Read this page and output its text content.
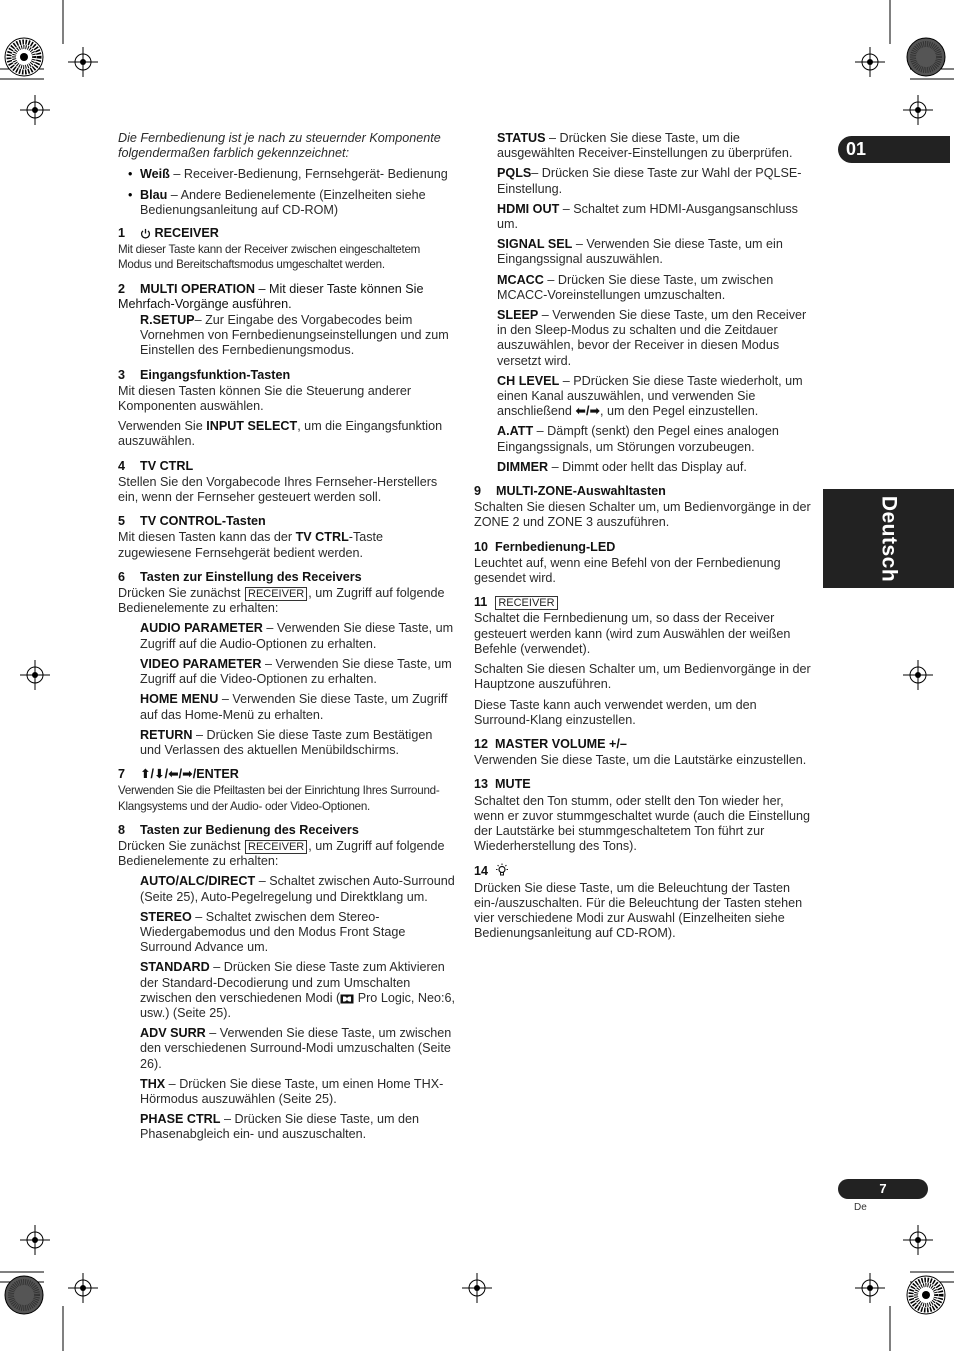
01
Deutsch
7
De

Die Fernbedienung ist je nach zu steuernder Komponente folgendermaßen farblich gekennzeichnet:

• Weiß – Receiver-Bedienung, Fernsehgerät- Bedienung
• Blau – Andere Bedienelemente (Einzelheiten siehe Bedienungsanleitung auf CD-ROM)
1 RECEIVER

Mit dieser Taste kann der Receiver zwischen eingeschaltetem Modus und Bereitschaftsmodus umgeschaltet werden.

2 MULTI OPERATION – Mit dieser Taste können Sie Mehrfach-Vorgänge ausführen.

R.SETUP– Zur Eingabe des Vorgabecodes beim Vornehmen von Fernbedienungseinstellungen und zum Einstellen des Fernbedienungsmodus.

3 Eingangsfunktion-Tasten

Mit diesen Tasten können Sie die Steuerung anderer Komponenten auswählen.

Verwenden Sie INPUT SELECT, um die Eingangsfunktion auszuwählen.

4 TV CTRL

Stellen Sie den Vorgabecode Ihres Fernseher-Herstellers ein, wenn der Fernseher gesteuert werden soll.

5 TV CONTROL-Tasten

Mit diesen Tasten kann das der TV CTRL-Taste zugewiesene Fernsehgerät bedient werden.

6 Tasten zur Einstellung des Receivers

Drücken Sie zunächst RECEIVER , um Zugriff auf folgende Bedienelemente zu erhalten:

AUDIO PARAMETER – Verwenden Sie diese Taste, um Zugriff auf die Audio-Optionen zu erhalten.

VIDEO PARAMETER – Verwenden Sie diese Taste, um Zugriff auf die Video-Optionen zu erhalten.

HOME MENU – Verwenden Sie diese Taste, um Zugriff auf das Home-Menü zu erhalten.

RETURN – Drücken Sie diese Taste zum Bestätigen und Verlassen des aktuellen Menübildschirms.

7 ⬆/⬇/⬅/➡/ENTER

Verwenden Sie die Pfeiltasten bei der Einrichtung Ihres Surround-Klangsystems und der Audio- oder Video-Optionen.

8 Tasten zur Bedienung des Receivers

Drücken Sie zunächst RECEIVER , um Zugriff auf folgende Bedienelemente zu erhalten:

AUTO/ALC/DIRECT – Schaltet zwischen Auto-Surround (Seite 25), Auto-Pegelregelung und Direktklang um.

STEREO – Schaltet zwischen dem Stereo-Wiedergabemodus und den Modus Front Stage Surround Advance um.

STANDARD – Drücken Sie diese Taste zum Aktivieren der Standard-Decodierung und zum Umschalten zwischen den verschiedenen Modi ( Pro Logic, Neo:6, usw.) (Seite 25).

ADV SURR – Verwenden Sie diese Taste, um zwischen den verschiedenen Surround-Modi umzuschalten (Seite 26).

THX – Drücken Sie diese Taste, um einen Home THX-Hörmodus auszuwählen (Seite 25).

PHASE CTRL – Drücken Sie diese Taste, um den Phasenabgleich ein- und auszuschalten.

STATUS – Drücken Sie diese Taste, um die ausgewählten Receiver-Einstellungen zu überprüfen.

PQLS– Drücken Sie diese Taste zur Wahl der PQLSE-Einstellung.

HDMI OUT – Schaltet zum HDMI-Ausgangsanschluss um.

SIGNAL SEL – Verwenden Sie diese Taste, um ein Eingangssignal auszuwählen.

MCACC – Drücken Sie diese Taste, um zwischen MCACC-Voreinstellungen umzuschalten.

SLEEP – Verwenden Sie diese Taste, um den Receiver in den Sleep-Modus zu schalten und die Zeitdauer auszuwählen, bevor der Receiver in diesen Modus versetzt wird.

CH LEVEL – PDrücken Sie diese Taste wiederholt, um einen Kanal auszuwählen, und verwenden Sie anschließend ⬅/➡, um den Pegel einzustellen.

A.ATT – Dämpft (senkt) den Pegel eines analogen Eingangssignals, um Störungen vorzubeugen.

DIMMER – Dimmt oder hellt das Display auf.

9 MULTI-ZONE-Auswahltasten

Schalten Sie diesen Schalter um, um Bedienvorgänge in der ZONE 2 und ZONE 3 auszuführen.

10 Fernbedienung-LED

Leuchtet auf, wenn eine Befehl von der Fernbedienung gesendet wird.

11 RECEIVER

Schaltet die Fernbedienung um, so dass der Receiver gesteuert werden kann (wird zum Auswählen der weißen Befehle (verwendet).

Schalten Sie diesen Schalter um, um Bedienvorgänge in der Hauptzone auszuführen.

Diese Taste kann auch verwendet werden, um den Surround-Klang einzustellen.

12 MASTER VOLUME +/–

Verwenden Sie diese Taste, um die Lautstärke einzustellen.

13 MUTE

Schaltet den Ton stumm, oder stellt den Ton wieder her, wenn er zuvor stummgeschaltet wurde (auch die Einstellung der Lautstärke bei stummgeschaltetem Ton führt zur Wiederherstellung des Tons).

14

Drücken Sie diese Taste, um die Beleuchtung der Tasten ein-/auszuschalten. Für die Beleuchtung der Tasten stehen vier verschiedene Modi zur Auswahl (Einzelheiten siehe Bedienungsanleitung auf CD-ROM).
